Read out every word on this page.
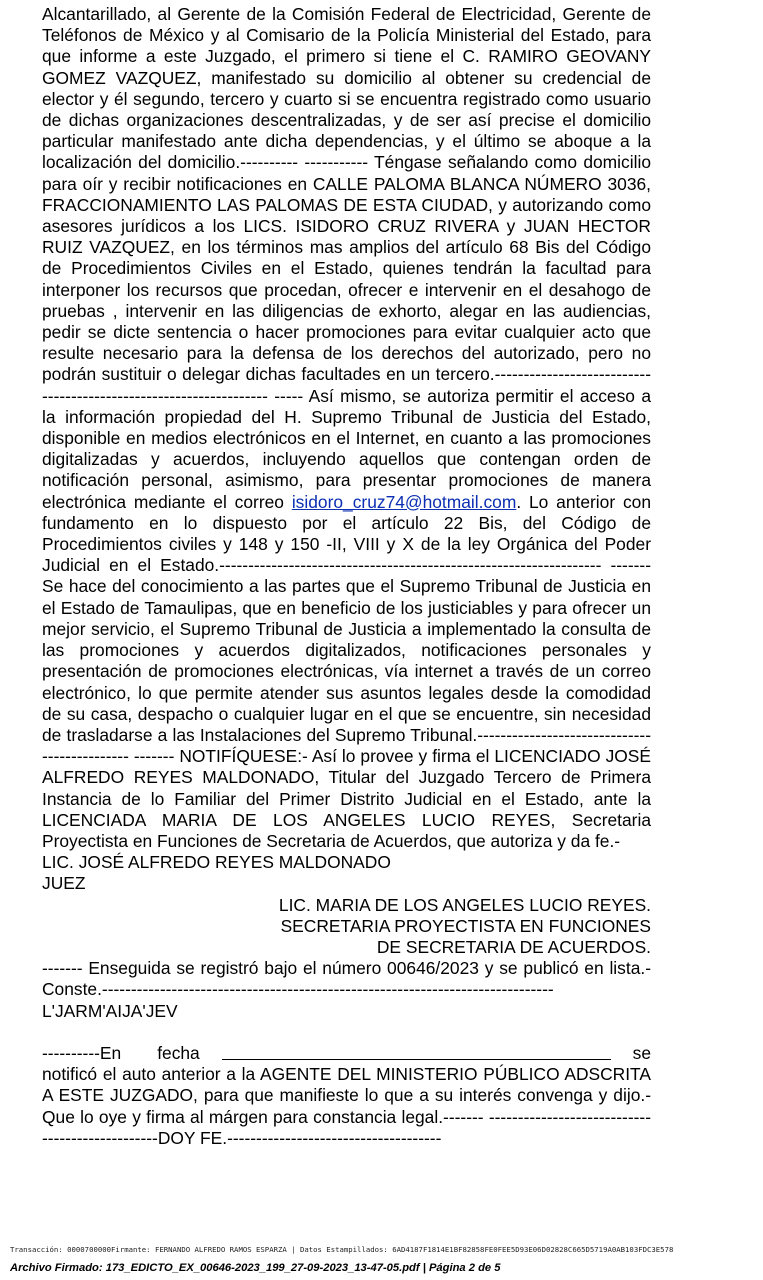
Alcantarillado, al Gerente de la Comisión Federal de Electricidad, Gerente de Teléfonos de México y al Comisario de la Policía Ministerial del Estado, para que informe a este Juzgado, el primero si tiene el C. RAMIRO GEOVANY GOMEZ VAZQUEZ, manifestado su domicilio al obtener su credencial de elector y él segundo, tercero y cuarto si se encuentra registrado como usuario de dichas organizaciones descentralizadas, y de ser así precise el domicilio particular manifestado ante dicha dependencias, y el último se aboque a la localización del domicilio.---------- ----------- Téngase señalando como domicilio para oír y recibir notificaciones en CALLE PALOMA BLANCA NÚMERO 3036, FRACCIONAMIENTO LAS PALOMAS DE ESTA CIUDAD, y autorizando como asesores jurídicos a los LICS. ISIDORO CRUZ RIVERA y JUAN HECTOR RUIZ VAZQUEZ, en los términos mas amplios del artículo 68 Bis del Código de Procedimientos Civiles en el Estado, quienes tendrán la facultad para interponer los recursos que procedan, ofrecer e intervenir en el desahogo de pruebas , intervenir en las diligencias de exhorto, alegar en las audiencias, pedir se dicte sentencia o hacer promociones para evitar cualquier acto que resulte necesario para la defensa de los derechos del autorizado, pero no podrán sustituir o delegar dichas facultades en un tercero.------------------------------------------------------------------ ----- Así mismo, se autoriza permitir el acceso a la información propiedad del H. Supremo Tribunal de Justicia del Estado, disponible en medios electrónicos en el Internet, en cuanto a las promociones digitalizadas y acuerdos, incluyendo aquellos que contengan orden de notificación personal, asimismo, para presentar promociones de manera electrónica mediante el correo isidoro_cruz74@hotmail.com. Lo anterior con fundamento en lo dispuesto por el artículo 22 Bis, del Código de Procedimientos civiles y 148 y 150 -II, VIII y X de la ley Orgánica del Poder Judicial en el Estado.------------------------------------------------------------------ ------- Se hace del conocimiento a las partes que el Supremo Tribunal de Justicia en el Estado de Tamaulipas, que en beneficio de los justiciables y para ofrecer un mejor servicio, el Supremo Tribunal de Justicia a implementado la consulta de las promociones y acuerdos digitalizados, notificaciones personales y presentación de promociones electrónicas, vía internet a través de un correo electrónico, lo que permite atender sus asuntos legales desde la comodidad de su casa, despacho o cualquier lugar en el que se encuentre, sin necesidad de trasladarse a las Instalaciones del Supremo Tribunal.--------------------------------------------- ------- NOTIFÍQUESE:- Así lo provee y firma el LICENCIADO JOSÉ ALFREDO REYES MALDONADO, Titular del Juzgado Tercero de Primera Instancia de lo Familiar del Primer Distrito Judicial en el Estado, ante la LICENCIADA MARIA DE LOS ANGELES LUCIO REYES, Secretaria Proyectista en Funciones de Secretaria de Acuerdos, que autoriza y da fe.-

LIC. JOSÉ ALFREDO REYES MALDONADO

JUEZ

LIC. MARIA DE LOS ANGELES LUCIO REYES.

SECRETARIA PROYECTISTA EN FUNCIONES

DE SECRETARIA DE ACUERDOS.

------- Enseguida se registró bajo el número 00646/2023 y se publicó en lista.- Conste.------------------------------------------------------------------------------

L'JARM'AIJA'JEV

----------En fecha	se

notificó el auto anterior a la AGENTE DEL MINISTERIO PÚBLICO ADSCRITA A ESTE JUZGADO, para que manifieste lo que a su interés convenga y dijo.- Que lo oye y firma al márgen para constancia legal.------- ------------------------------------------------DOY FE.-------------------------------------

Transacción: 0000700000Firmante: FERNANDO ALFREDO RAMOS ESPARZA | Datos Estampillados: 6AD4187F1814E1BF82858FE0FEE5D93E06D02828C665D5719A0AB103FDC3E578
Archivo Firmado: 173_EDICTO_EX_00646-2023_199_27-09-2023_13-47-05.pdf | Página 2 de 5
